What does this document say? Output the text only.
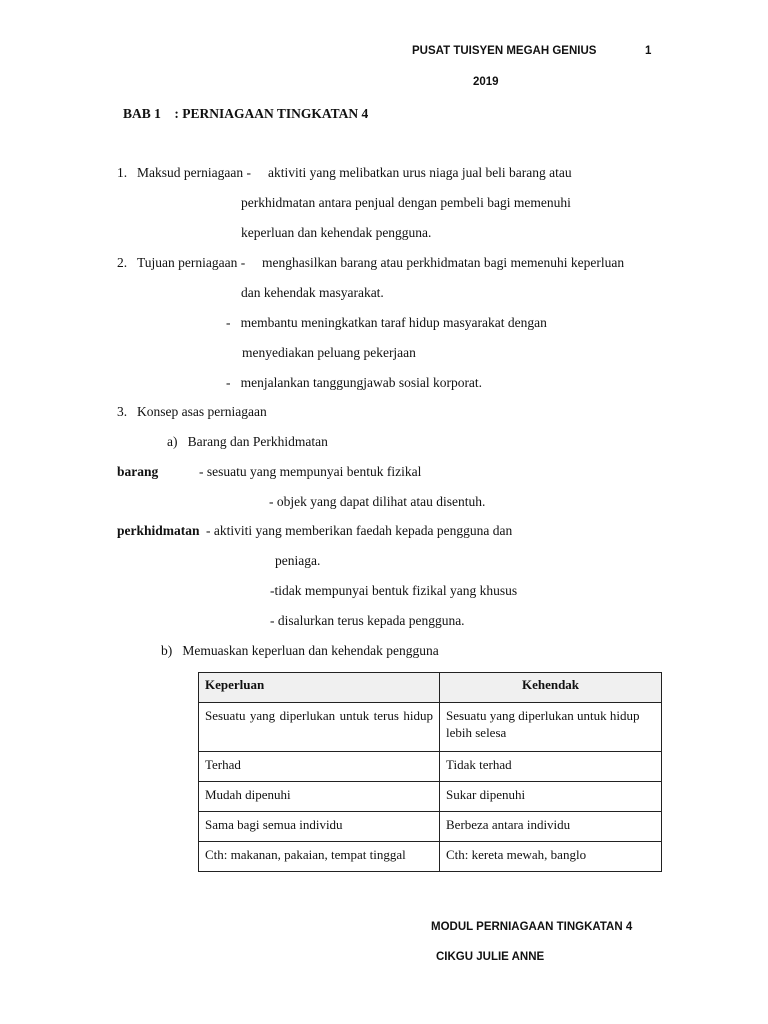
PUSAT TUISYEN MEGAH GENIUS	1
2019
BAB 1    : PERNIAGAAN TINGKATAN 4
1. Maksud perniagaan - aktiviti yang melibatkan urus niaga jual beli barang atau
perkhidmatan antara penjual dengan pembeli bagi memenuhi
keperluan dan kehendak pengguna.
2. Tujuan perniagaan - menghasilkan barang atau perkhidmatan bagi memenuhi keperluan
dan kehendak masyarakat.
-   membantu meningkatkan taraf hidup masyarakat dengan
menyediakan peluang pekerjaan
-   menjalankan tanggungjawab sosial korporat.
3. Konsep asas perniagaan
a)   Barang dan Perkhidmatan
barang	- sesuatu yang mempunyai bentuk fizikal
- objek yang dapat dilihat atau disentuh.
perkhidmatan - aktiviti yang memberikan faedah kepada pengguna dan
peniaga.
-tidak mempunyai bentuk fizikal yang khusus
- disalurkan terus kepada pengguna.
b)   Memuaskan keperluan dan kehendak pengguna
Keperluan	Kehendak

Sesuatu yang diperlukan untuk terus hidup	Sesuatu yang diperlukan untuk hidup lebih selesa
Terhad	Tidak terhad
Mudah dipenuhi	Sukar dipenuhi
Sama bagi semua individu	Berbeza antara individu
Cth: makanan, pakaian, tempat tinggal	Cth: kereta mewah, banglo
MODUL PERNIAGAAN TINGKATAN 4
CIKGU JULIE ANNE
